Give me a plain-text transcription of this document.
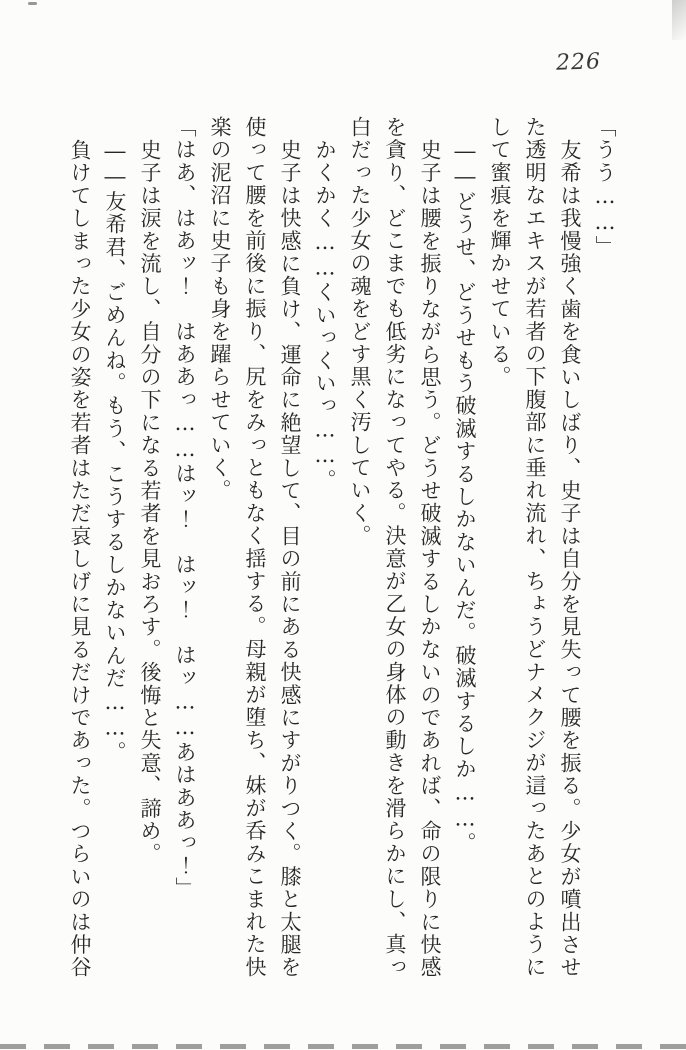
226

「うう……」

友希は我慢強く歯を食いしばり、史子は自分を見失って腰を振る。少女が噴出させた透明なエキスが若者の下腹部に垂れ流れ、ちょうどナメクジが這ったあとのようにして蜜痕を輝かせている。

――どうせ、どうせもう破滅するしかないんだ。破滅するしか……。

史子は腰を振りながら思う。どうせ破滅するしかないのであれば、命の限りに快感を貪り、どこまでも低劣になってやる。決意が乙女の身体の動きを滑らかにし、真っ白だった少女の魂をどす黒く汚していく。

かくかく……くいっくいっ……。

史子は快感に負け、運命に絶望して、目の前にある快感にすがりつく。膝と太腿を使って腰を前後に振り、尻をみっともなく揺する。母親が堕ち、妹が呑みこまれた快楽の泥沼に史子も身を躍らせていく。

「はあ、はあッ！　はああっ……はッ！　はッ！　はッ……あはああっ！」

史子は涙を流し、自分の下になる若者を見おろす。後悔と失意、諦め。

――友希君、ごめんね。もう、こうするしかないんだ……。

負けてしまった少女の姿を若者はただ哀しげに見るだけであった。つらいのは仲谷
